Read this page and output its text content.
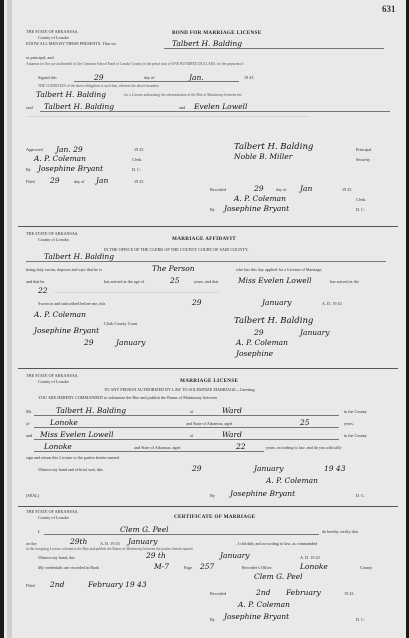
631
THE STATE OF ARKANSAS,
County of Lonoke.
BOND FOR MARRIAGE LICENSE
KNOW ALL MEN BY THESE PRESENTS, That we	Talbert H. Balding
as principal, and
Arkansas for the use and benefit of the Common School Fund of Lonoke County in the penal sum of ONE HUNDRED DOLLARS, for the payment of
Signed this	29	day of	Jan.	19 43
THE CONDITION of the above obligation is such that, whereas the above bounden
Talbert H. Balding	for a License authorizing the solemnization of the Rite of Matrimony between the
said Talbert H. Balding	and Evelen Lowell
............................................................................................................................................................................................................................................................................................................................
Approved Jan. 29	19 43
A. P. Coleman	Clerk.
By Josephine Bryant	D. C.
Filed 29	day of Jan	19 43
Talbert H. Balding	Principal.
Noble B. Miller	Security.
Recorded	29	day of Jan	19 43
A. P. Coleman	Clerk.
By Josephine Bryant	D. C.
THE STATE OF ARKANSAS,
County of Lonoke.	MARRIAGE AFFIDAVIT
IN THE OFFICE OF THE CLERK OF THE COUNTY COURT OF SAID COUNTY:
Talbert H. Balding
being duly sworn, deposes and says that he is	The Person	who has this day applied for a License of Marriage,
and that he	has arrived at the age of	25	years, and that	Miss Evelen Lowell	has arrived at the
22 .......................................................................................................................................................................................
Sworn to and subscribed before me, this	29	January	A. D. 19 43
A. P. Coleman
Clerk County Court
Josephine Bryant
29	January
Talbert H. Balding
29	January
A. P. Coleman
Josephine
THE STATE OF ARKANSAS,
County of Lonoke.	MARRIAGE LICENSE
TO ANY PERSON AUTHORIZED BY LAW TO SOLEMNIZE MARRIAGE—Greeting:
YOU ARE HEREBY COMMANDED to solemnize the Rite and publish the Banns of Matrimony between
Mr.	Talbert H. Balding	of	Ward	in the County
of	Lonoke	and State of Arkansas, aged	25	years,
and Miss Evelen Lowell	of	Ward	in the County
Lonoke	and State of Arkansas, aged	22	years, according to law, and do you officially
sign and return this License to the parties herein named.
Witness my hand and official seal, this	29	January	19 43
A. P. Coleman
(SEAL)	By Josephine Bryant	D. C.
THE STATE OF ARKANSAS,
County of Lonoke.	CERTIFICATE OF MARRIAGE
I,	Clem G. Peel	do hereby certify that
on the	29th	A. D. 19 43 January	, I did duly and according to law, as commanded
in the foregoing License solemnize the Rite and publish the Banns of Matrimony between the parties therein named.
Witness my hand, this	29 th	January	A. D. 19 43
My credentials are recorded in Book	M-7	Page 257	Recorder's Office,	Lonoke	County
Clem G. Peel
Filed 2nd	February 19 43
Recorded	2nd February	19 43
A. P. Coleman
By Josephine Bryant	D. C.
